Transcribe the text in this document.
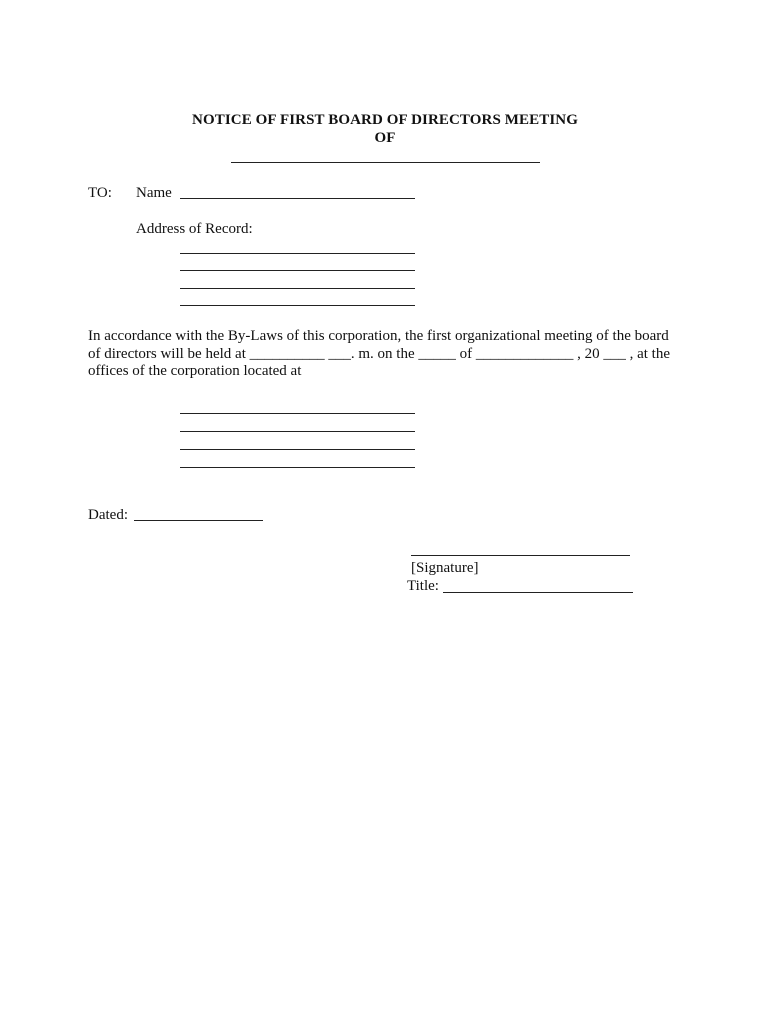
NOTICE OF FIRST BOARD OF DIRECTORS MEETING
OF
TO: Name
Address of Record:
In accordance with the By-Laws of this corporation, the first organizational meeting of the board
of directors will be held at __________ ___. m. on the _____ of _____________ , 20 ___ , at the
offices of the corporation located at
Dated:
[Signature]
Title:
